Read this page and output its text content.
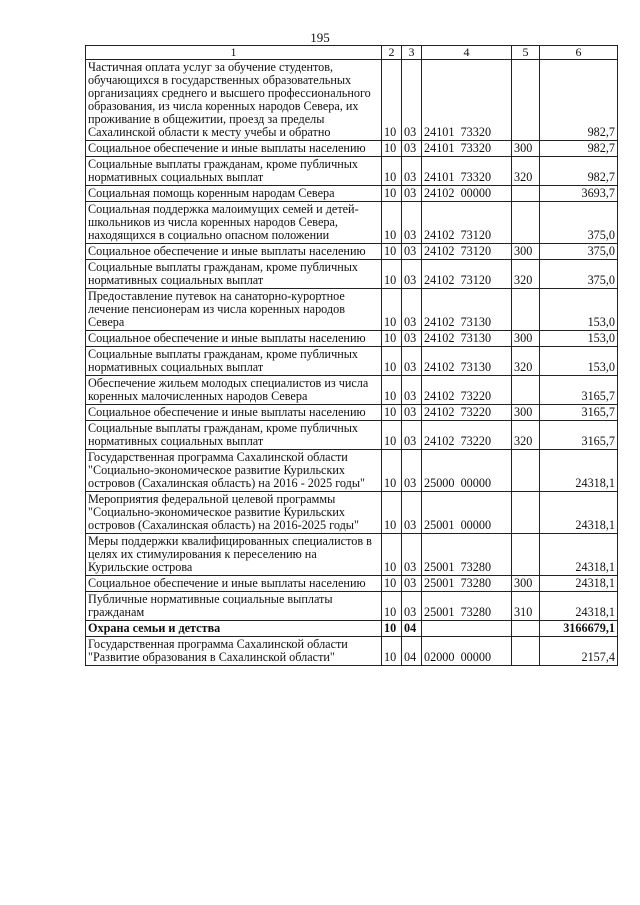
195
1	2	3	4	5	6
Частичная оплата услуг за обучение студентов, обучающихся в государственных образовательных организациях среднего и высшего профессионального образования, из числа коренных народов Севера, их проживание в общежитии, проезд за пределы Сахалинской области к месту учебы и обратно	10	03	24101  73320		982,7
Социальное обеспечение и иные выплаты населению	10	03	24101  73320	300	982,7
Социальные выплаты гражданам, кроме публичных нормативных социальных выплат	10	03	24101  73320	320	982,7
Социальная помощь коренным народам Севера	10	03	24102  00000		3693,7
Социальная поддержка малоимущих семей и детей-школьников из числа коренных народов Севера, находящихся в социально опасном положении	10	03	24102  73120		375,0
Социальное обеспечение и иные выплаты населению	10	03	24102  73120	300	375,0
Социальные выплаты гражданам, кроме публичных нормативных социальных выплат	10	03	24102  73120	320	375,0
Предоставление путевок на санаторно-курортное лечение пенсионерам из числа коренных народов Севера	10	03	24102  73130		153,0
Социальное обеспечение и иные выплаты населению	10	03	24102  73130	300	153,0
Социальные выплаты гражданам, кроме публичных нормативных социальных выплат	10	03	24102  73130	320	153,0
Обеспечение жильем молодых специалистов из числа коренных малочисленных народов Севера	10	03	24102  73220		3165,7
Социальное обеспечение и иные выплаты населению	10	03	24102  73220	300	3165,7
Социальные выплаты гражданам, кроме публичных нормативных социальных выплат	10	03	24102  73220	320	3165,7
Государственная программа Сахалинской области "Социально-экономическое развитие Курильских островов (Сахалинская область) на 2016 - 2025 годы"	10	03	25000  00000		24318,1
Мероприятия федеральной целевой программы "Социально-экономическое развитие Курильских островов (Сахалинская область) на 2016-2025 годы"	10	03	25001  00000		24318,1
Меры поддержки квалифицированных специалистов в целях их стимулирования к переселению на Курильские острова	10	03	25001  73280		24318,1
Социальное обеспечение и иные выплаты населению	10	03	25001  73280	300	24318,1
Публичные нормативные социальные выплаты гражданам	10	03	25001  73280	310	24318,1
Охрана семьи и детства	10	04			3166679,1
Государственная программа Сахалинской области "Развитие образования в Сахалинской области"	10	04	02000  00000		2157,4
